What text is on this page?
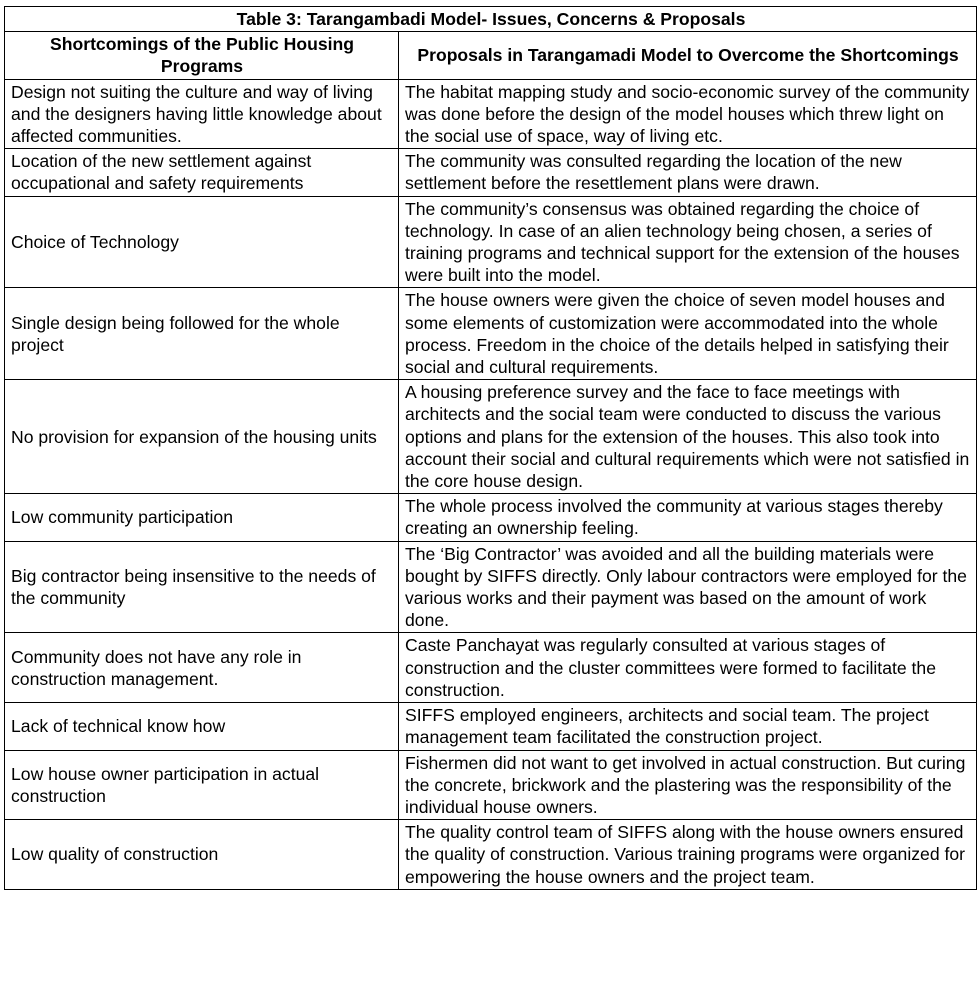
Table 3: Tarangambadi Model- Issues, Concerns & Proposals	
Shortcomings of the Public Housing Programs	Proposals in Tarangamadi Model to Overcome the Shortcomings
Design not suiting the culture and way of living and the designers having little knowledge about affected communities.	The habitat mapping study and socio-economic survey of the community was done before the design of the model houses which threw light on the social use of space, way of living etc.
Location of the new settlement against occupational and safety requirements	The community was consulted regarding the location of the new settlement before the resettlement plans were drawn.
Choice of Technology	The community’s consensus was obtained regarding the choice of technology. In case of an alien technology being chosen, a series of training programs and technical support for the extension of the houses were built into the model.
Single design being followed for the whole project	The house owners were given the choice of seven model houses and some elements of customization were accommodated into the whole process. Freedom in the choice of the details helped in satisfying their social and cultural requirements.
No provision for expansion of the housing units	A housing preference survey and the face to face meetings with architects and the social team were conducted to discuss the various options and plans for the extension of the houses. This also took into account their social and cultural requirements which were not satisfied in the core house design.
Low community participation	The whole process involved the community at various stages thereby creating an ownership feeling.
Big contractor being insensitive to the needs of the community	The ‘Big Contractor’ was avoided and all the building materials were bought by SIFFS directly. Only labour contractors were employed for the various works and their payment was based on the amount of work done.
Community does not have any role in construction management.	Caste Panchayat was regularly consulted at various stages of construction and the cluster committees were formed to facilitate the construction.
Lack of technical know how	SIFFS employed engineers, architects and social team. The project management team facilitated the construction project.
Low house owner participation in actual construction	Fishermen did not want to get involved in actual construction. But curing the concrete, brickwork and the plastering was the responsibility of the individual house owners.
Low quality of construction	The quality control team of SIFFS along with the house owners ensured the quality of construction. Various training programs were organized for empowering the house owners and the project team.
